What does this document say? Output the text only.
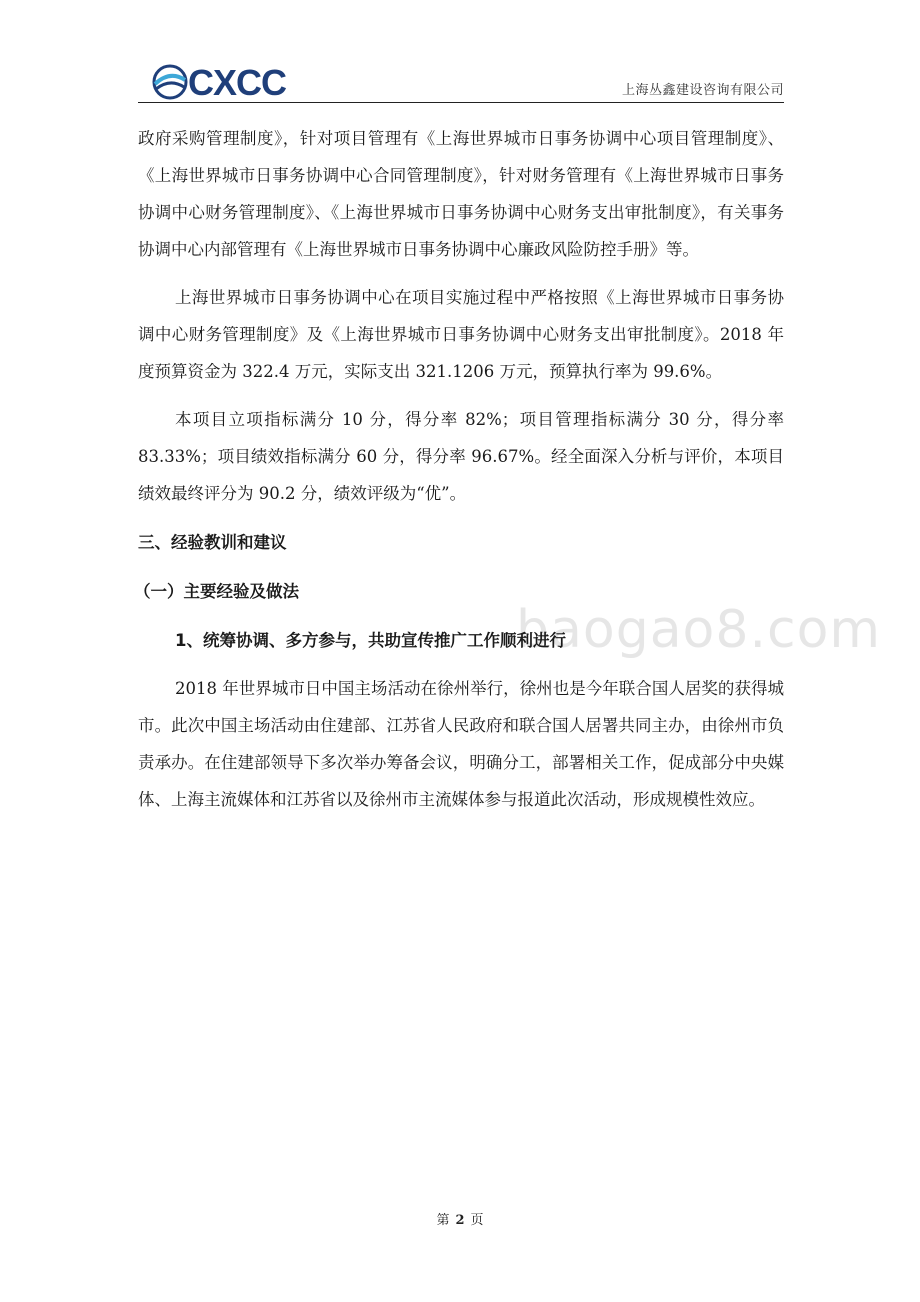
CXCC	上海丛鑫建设咨询有限公司
baogao8.com

政府采购管理制度》，针对项目管理有《上海世界城市日事务协调中心项目管理制度》、《上海世界城市日事务协调中心合同管理制度》，针对财务管理有《上海世界城市日事务协调中心财务管理制度》、《上海世界城市日事务协调中心财务支出审批制度》，有关事务协调中心内部管理有《上海世界城市日事务协调中心廉政风险防控手册》等。

上海世界城市日事务协调中心在项目实施过程中严格按照《上海世界城市日事务协调中心财务管理制度》及《上海世界城市日事务协调中心财务支出审批制度》。2018 年度预算资金为 322.4 万元，实际支出 321.1206 万元，预算执行率为 99.6%。

本项目立项指标满分 10 分，得分率 82%；项目管理指标满分 30 分，得分率 83.33%；项目绩效指标满分 60 分，得分率 96.67%。经全面深入分析与评价，本项目绩效最终评分为 90.2 分，绩效评级为“优”。

三、经验教训和建议
（一）主要经验及做法
1、统筹协调、多方参与，共助宣传推广工作顺利进行

2018 年世界城市日中国主场活动在徐州举行，徐州也是今年联合国人居奖的获得城市。此次中国主场活动由住建部、江苏省人民政府和联合国人居署共同主办，由徐州市负责承办。在住建部领导下多次举办筹备会议，明确分工，部署相关工作，促成部分中央媒体、上海主流媒体和江苏省以及徐州市主流媒体参与报道此次活动，形成规模性效应。

第 2 页
